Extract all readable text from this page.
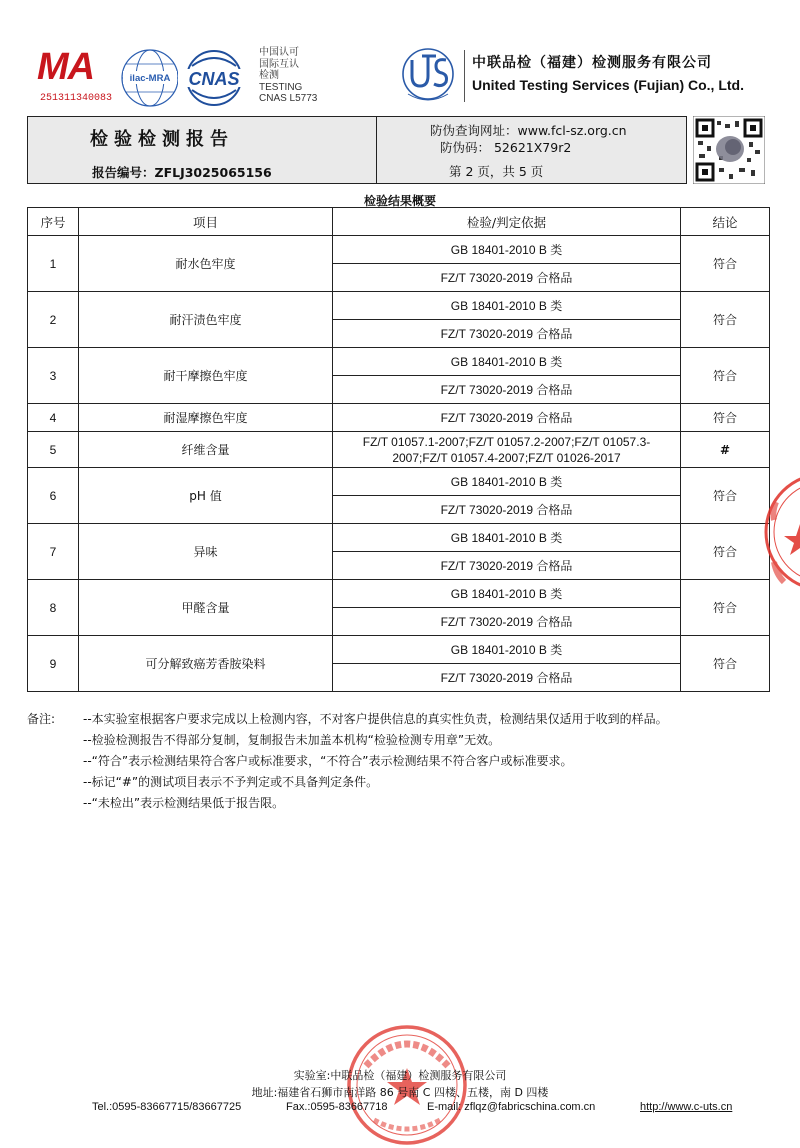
MA
251311340083
ilac-MRA CNAS
中国认可
国际互认
检测
TESTING
CNAS L5773
中联品检（福建）检测服务有限公司
United Testing Services (Fujian) Co., Ltd.
检验检测报告
报告编号：ZFLJ3025065156
防伪查询网址：www.fcl-sz.org.cn
防伪码： 52621X79r2
第 2 页，共 5 页
检验结果概要
序号	项目	检验/判定依据	结论
1	耐水色牢度	GB 18401-2010 B 类	符合
		FZ/T 73020-2019 合格品	
2	耐汗渍色牢度	GB 18401-2010 B 类	符合
		FZ/T 73020-2019 合格品	
3	耐干摩擦色牢度	GB 18401-2010 B 类	符合
		FZ/T 73020-2019 合格品	
4	耐湿摩擦色牢度	FZ/T 73020-2019 合格品	符合
5	纤维含量	FZ/T 01057.1-2007;FZ/T 01057.2-2007;FZ/T 01057.3-2007;FZ/T 01057.4-2007;FZ/T 01026-2017	#
6	pH 值	GB 18401-2010 B 类	符合
		FZ/T 73020-2019 合格品	
7	异味	GB 18401-2010 B 类	符合
		FZ/T 73020-2019 合格品	
8	甲醛含量	GB 18401-2010 B 类	符合
		FZ/T 73020-2019 合格品	
9	可分解致癌芳香胺染料	GB 18401-2010 B 类	符合
		FZ/T 73020-2019 合格品	
备注: --本实验室根据客户要求完成以上检测内容，不对客户提供信息的真实性负责，检测结果仅适用于收到的样品。
--检验检测报告不得部分复制，复制报告未加盖本机构“检验检测专用章”无效。
--“符合”表示检测结果符合客户或标准要求，“不符合”表示检测结果不符合客户或标准要求。
--标记“#”的测试项目表示不予判定或不具备判定条件。
--“未检出”表示检测结果低于报告限。
实验室:中联品检（福建）检测服务有限公司
地址:福建省石狮市南洋路 86 号南 C 四楼、五楼，南 D 四楼
Tel.:0595-83667715/83667725	Fax.:0595-83667718	E-mail: zflqz@fabricschina.com.cn	http://www.c-uts.cn
